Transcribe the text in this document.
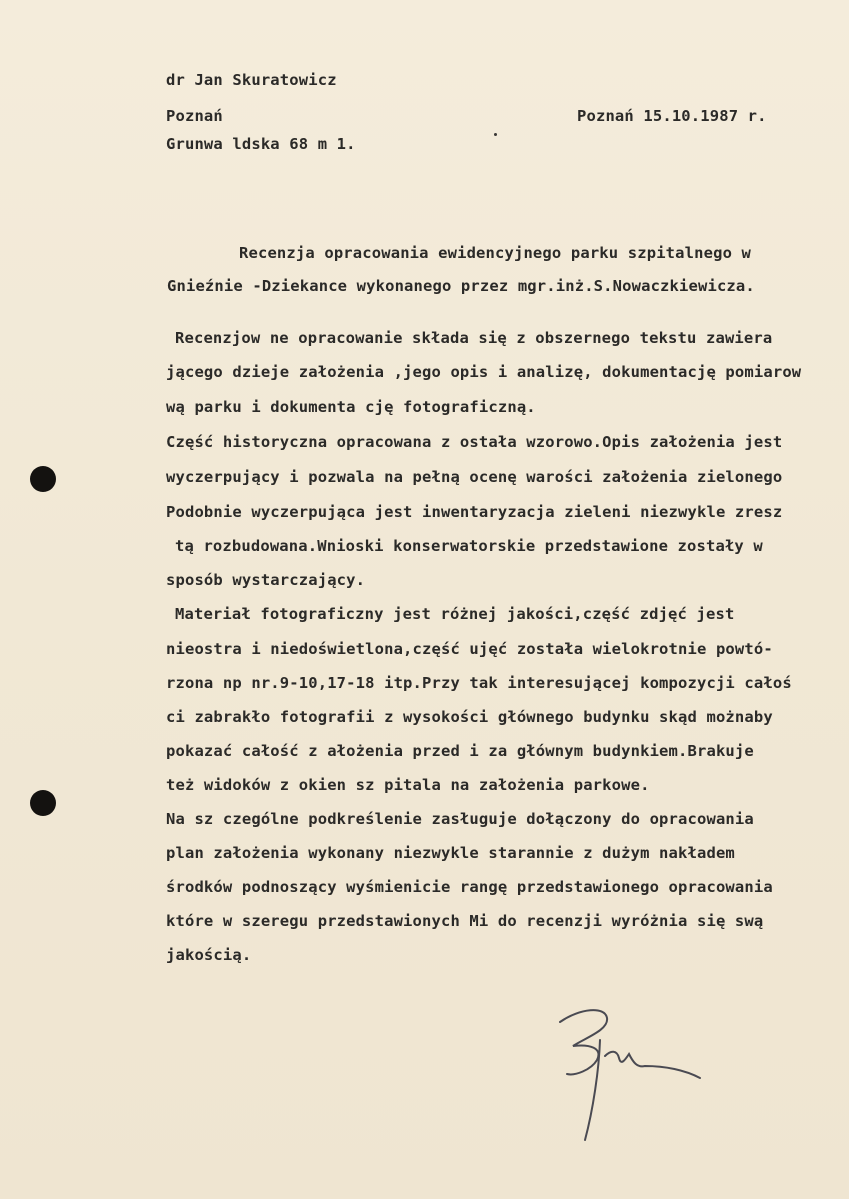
dr Jan Skuratowicz
Poznań
Grunwa ldska 68 m 1.
Poznań 15.10.1987 r.
Recenzja opracowania ewidencyjnego parku szpitalnego w
Gnieźnie -Dziekance wykonanego przez mgr.inż.S.Nowaczkiewicza.
Recenzjow ne opracowanie składa się z obszernego tekstu zawiera
jącego dzieje założenia ,jego opis i analizę, dokumentację pomiarow
wą parku i dokumenta cję fotograficzną.
Część historyczna opracowana z ostała wzorowo.Opis założenia jest
wyczerpujący i pozwala na pełną ocenę warości założenia zielonego
Podobnie wyczerpująca jest inwentaryzacja zieleni niezwykle zresz
tą rozbudowana.Wnioski konserwatorskie przedstawione zostały w
sposób wystarczający.
Materiał fotograficzny jest różnej jakości,część zdjęć jest
nieostra i niedoświetlona,część ujęć została wielokrotnie powtó-
rzona np nr.9-10,17-18 itp.Przy tak interesującej kompozycji całoś
ci zabrakło fotografii z wysokości głównego budynku skąd możnaby
pokazać całość z ałożenia przed i za głównym budynkiem.Brakuje
też widoków z okien sz pitala na założenia parkowe.
Na sz czególne podkreślenie zasługuje dołączony do opracowania
plan założenia wykonany niezwykle starannie z dużym nakładem
środków podnoszący wyśmienicie rangę przedstawionego opracowania
które w szeregu przedstawionych Mi do recenzji wyróżnia się swą
jakością.
